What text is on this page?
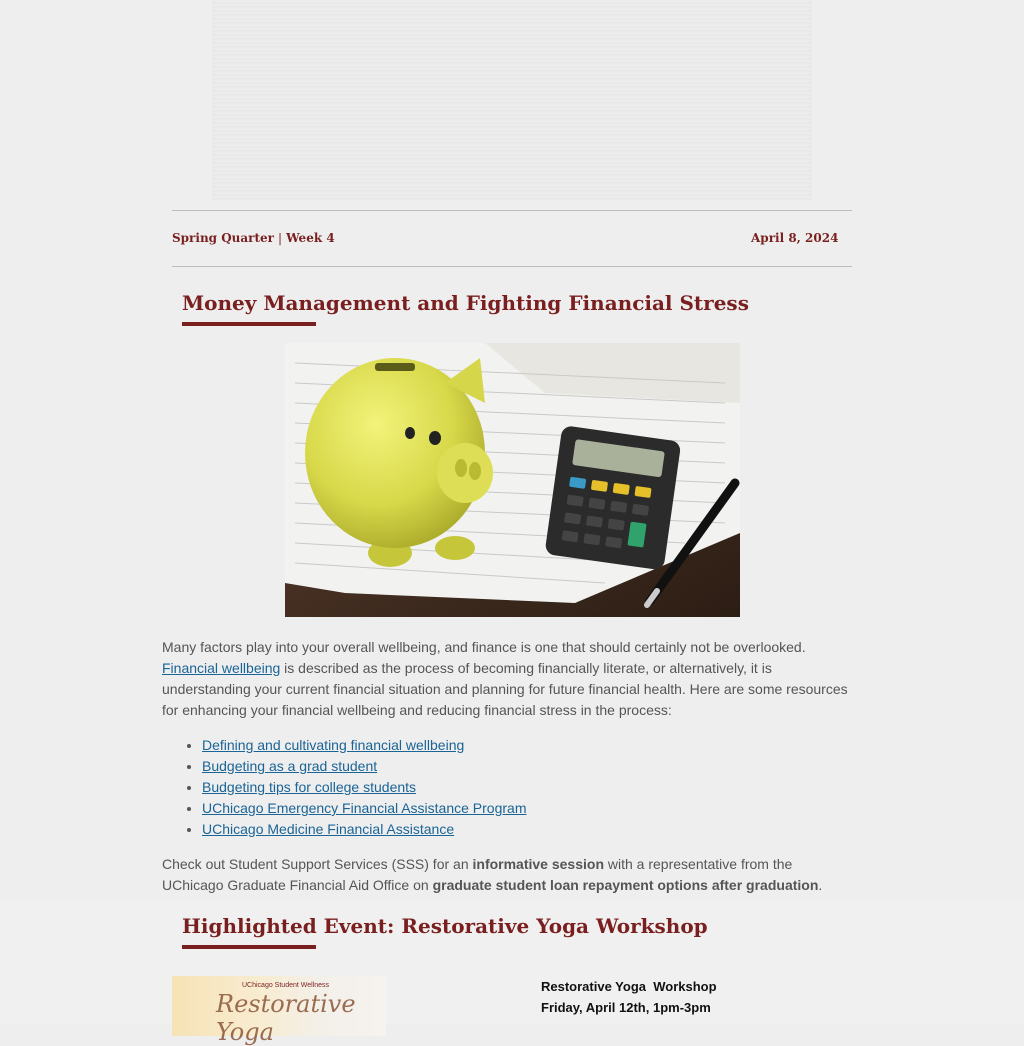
Spring Quarter | Week 4	April 8, 2024
Money Management and Fighting Financial Stress

Many factors play into your overall wellbeing, and finance is one that should certainly not be overlooked.
Financial wellbeing is described as the process of becoming financially literate, or alternatively, it is understanding your current financial situation and planning for future financial health. Here are some resources for enhancing your financial wellbeing and reducing financial stress in the process:

• Defining and cultivating financial wellbeing
• Budgeting as a grad student
• Budgeting tips for college students
• UChicago Emergency Financial Assistance Program
• UChicago Medicine Financial Assistance

Check out Student Support Services (SSS) for an informative session with a representative from the UChicago Graduate Financial Aid Office on graduate student loan repayment options after graduation.

Highlighted Event: Restorative Yoga Workshop
UChicago Student Wellness
Restorative Yoga
Restorative Yoga  Workshop
Friday, April 12th, 1pm-3pm
